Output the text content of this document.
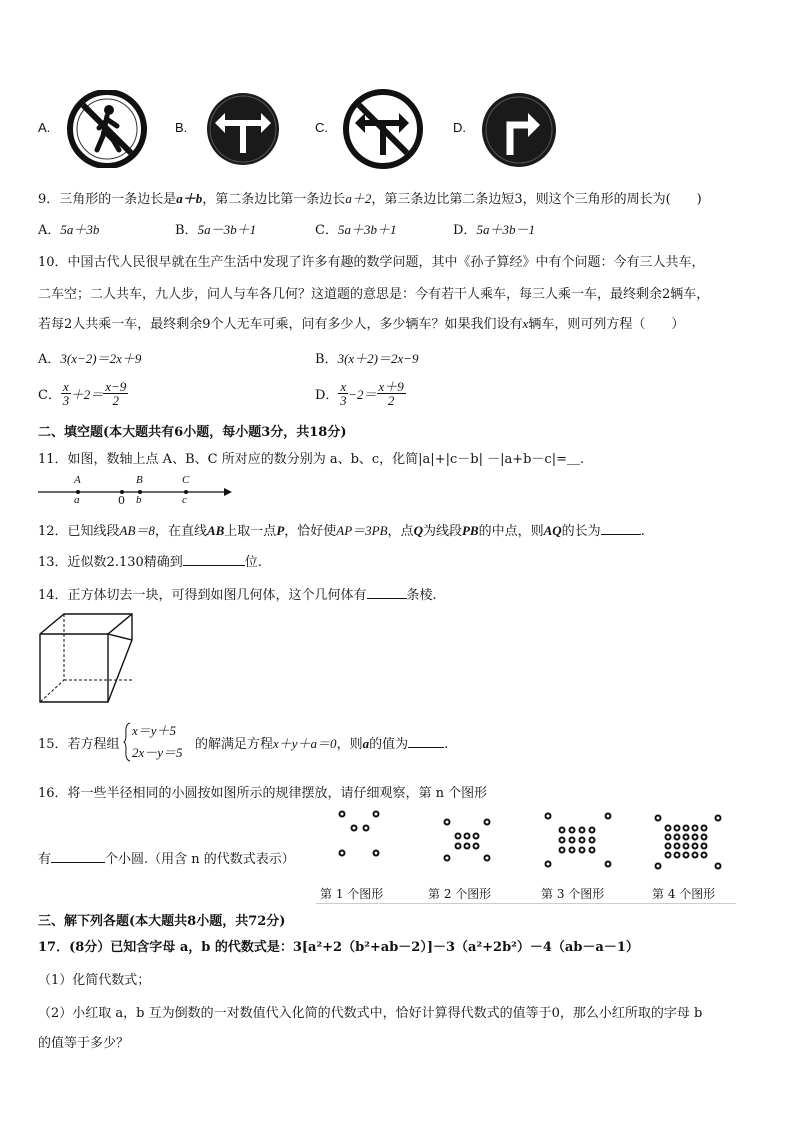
A.	B.	C.	D.
9．三角形的一条边长是a＋b，第二条边比第一条边长a＋2，第三条边比第二条边短3，则这个三角形的周长为(　　)
A．5a＋3b	B．5a－3b＋1	C．5a＋3b＋1	D．5a＋3b－1
10．中国古代人民很早就在生产生活中发现了许多有趣的数学问题，其中《孙子算经》中有个问题：今有三人共车，
二车空；二人共车，九人步，问人与车各几何？这道题的意思是：今有若干人乘车，每三人乘一车，最终剩余2辆车，
若每2人共乘一车，最终剩余9个人无车可乘，问有多少人，多少辆车？如果我们设有x辆车，则可列方程（　　）
A．3(x−2)＝2x＋9	B．3(x＋2)＝2x−9
C． $\frac{x}{3} +2= \frac{x-9}{2}$	D． $\frac{x}{3} -2= \frac{x+9}{2}$
二、填空题(本大题共有6小题，每小题3分，共18分)
11．如图，数轴上点 A、B、C 所对应的数分别为 a、b、c，化简|a|+|c－b| －|a+b－c|=＿.
A	B	C
a	0 b	c
12．已知线段AB＝8，在直线AB上取一点P，恰好使AP＝3PB，点Q为线段PB的中点，则AQ的长为	.
13．近似数2.130精确到	位.
14．正方体切去一块，可得到如图几何体，这个几何体有	条棱.
15．若方程组
x＝y＋5
2x－y＝5
的解满足方程x＋y＋a＝0，则a的值为	.
16．将一些半径相同的小圆按如图所示的规律摆放，请仔细观察，第 n 个图形
有	个小圆.（用含 n 的代数式表示）
第 1 个图形	第 2 个图形	第 3 个图形	第 4 个图形
三、解下列各题(本大题共8小题，共72分)
17．(8分）已知含字母 a，b 的代数式是：3[a²+2（b²+ab－2）]－3（a²+2b²）－4（ab－a－1）
（1）化简代数式；
（2）小红取 a，b 互为倒数的一对数值代入化简的代数式中，恰好计算得代数式的值等于0，那么小红所取的字母 b
的值等于多少？
